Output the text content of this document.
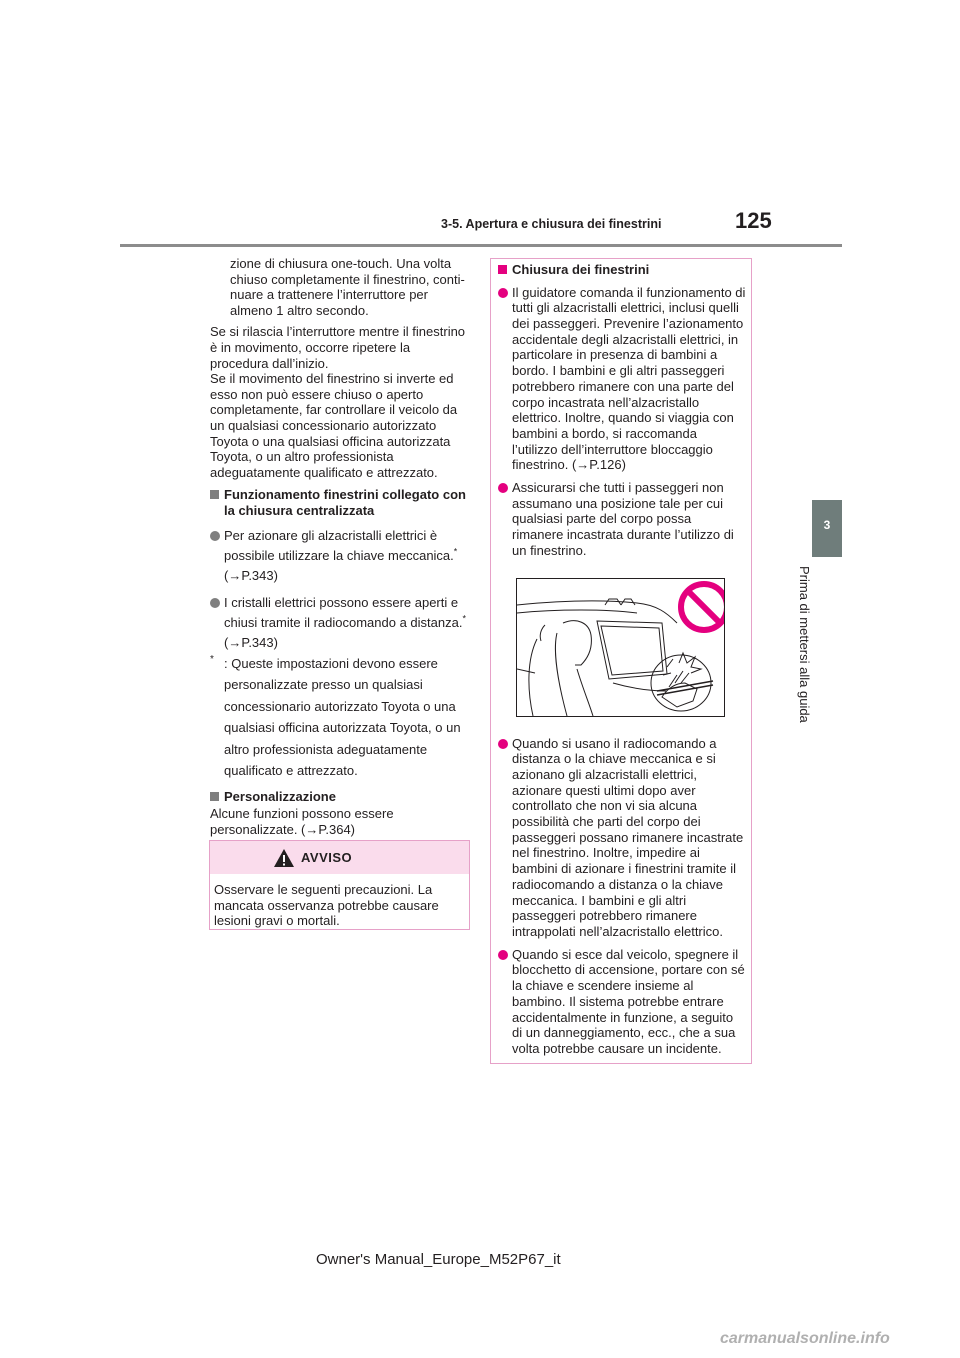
3-5. Apertura e chiusura dei finestrini	125
3
Prima di mettersi alla guida

zione di chiusura one-touch. Una volta
chiuso completamente il finestrino, conti-
nuare a trattenere l’interruttore per
almeno 1 altro secondo.

Se si rilascia l’interruttore mentre il finestrino è in movimento, occorre ripetere la procedura dall’inizio.

Se il movimento del finestrino si inverte ed esso non può essere chiuso o aperto completamente, far controllare il veicolo da un qualsiasi concessionario autorizzato Toyota o una qualsiasi officina autorizzata Toyota, o un altro professionista adeguatamente qualificato e attrezzato.

Funzionamento finestrini collegato con la chiusura centralizzata

Per azionare gli alzacristalli elettrici è possibile utilizzare la chiave meccanica.*
(→P.343)

I cristalli elettrici possono essere aperti e chiusi tramite il radiocomando a distanza.*
(→P.343)

* : Queste impostazioni devono essere personalizzate presso un qualsiasi concessionario autorizzato Toyota o una qualsiasi officina autorizzata Toyota, o un altro professionista adeguatamente qualificato e attrezzato.

Personalizzazione

Alcune funzioni possono essere personalizzate. (→P.364)

AVVISO
Osservare le seguenti precauzioni. La mancata osservanza potrebbe causare lesioni gravi o mortali.

Chiusura dei finestrini

Il guidatore comanda il funzionamento di tutti gli alzacristalli elettrici, inclusi quelli dei passeggeri. Prevenire l’azionamento accidentale degli alzacristalli elettrici, in particolare in presenza di bambini a bordo. I bambini e gli altri passeggeri potrebbero rimanere con una parte del corpo incastrata nell’alzacristallo elettrico. Inoltre, quando si viaggia con bambini a bordo, si raccomanda l’utilizzo dell’interruttore bloccaggio finestrino. (→P.126)

Assicurarsi che tutti i passeggeri non assumano una posizione tale per cui qualsiasi parte del corpo possa rimanere incastrata durante l’utilizzo di un finestrino.

Quando si usano il radiocomando a distanza o la chiave meccanica e si azionano gli alzacristalli elettrici, azionare questi ultimi dopo aver controllato che non vi sia alcuna possibilità che parti del corpo dei passeggeri possano rimanere incastrate nel finestrino. Inoltre, impedire ai bambini di azionare i finestrini tramite il radiocomando a distanza o la chiave meccanica. I bambini e gli altri passeggeri potrebbero rimanere intrappolati nell’alzacristallo elettrico.

Quando si esce dal veicolo, spegnere il blocchetto di accensione, portare con sé la chiave e scendere insieme al bambino. Il sistema potrebbe entrare accidentalmente in funzione, a seguito di un danneggiamento, ecc., che a sua volta potrebbe causare un incidente.

Owner's Manual_Europe_M52P67_it
carmanualsonline.info
